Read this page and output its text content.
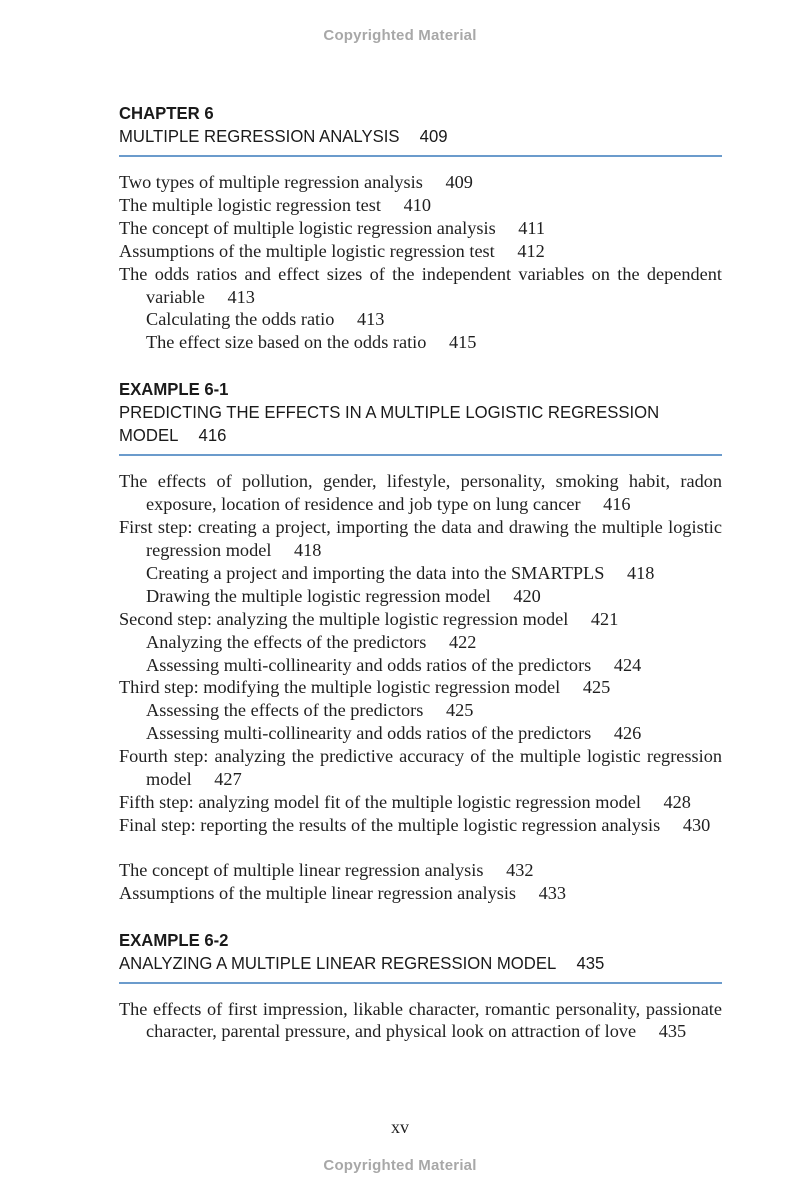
Copyrighted Material
CHAPTER 6
MULTIPLE REGRESSION ANALYSIS 409
Two types of multiple regression analysis 409
The multiple logistic regression test 410
The concept of multiple logistic regression analysis 411
Assumptions of the multiple logistic regression test 412
The odds ratios and effect sizes of the independent variables on the dependent variable 413
Calculating the odds ratio 413
The effect size based on the odds ratio 415
EXAMPLE 6-1
PREDICTING THE EFFECTS IN A MULTIPLE LOGISTIC REGRESSION
MODEL 416
The effects of pollution, gender, lifestyle, personality, smoking habit, radon exposure, location of residence and job type on lung cancer 416
First step: creating a project, importing the data and drawing the multiple logistic regression model 418
Creating a project and importing the data into the SMARTPLS 418
Drawing the multiple logistic regression model 420
Second step: analyzing the multiple logistic regression model 421
Analyzing the effects of the predictors 422
Assessing multi-collinearity and odds ratios of the predictors 424
Third step: modifying the multiple logistic regression model 425
Assessing the effects of the predictors 425
Assessing multi-collinearity and odds ratios of the predictors 426
Fourth step: analyzing the predictive accuracy of the multiple logistic regression model 427
Fifth step: analyzing model fit of the multiple logistic regression model 428
Final step: reporting the results of the multiple logistic regression analysis 430
The concept of multiple linear regression analysis 432
Assumptions of the multiple linear regression analysis 433
EXAMPLE 6-2
ANALYZING A MULTIPLE LINEAR REGRESSION MODEL 435
The effects of first impression, likable character, romantic personality, passionate character, parental pressure, and physical look on attraction of love 435
xv
Copyrighted Material
